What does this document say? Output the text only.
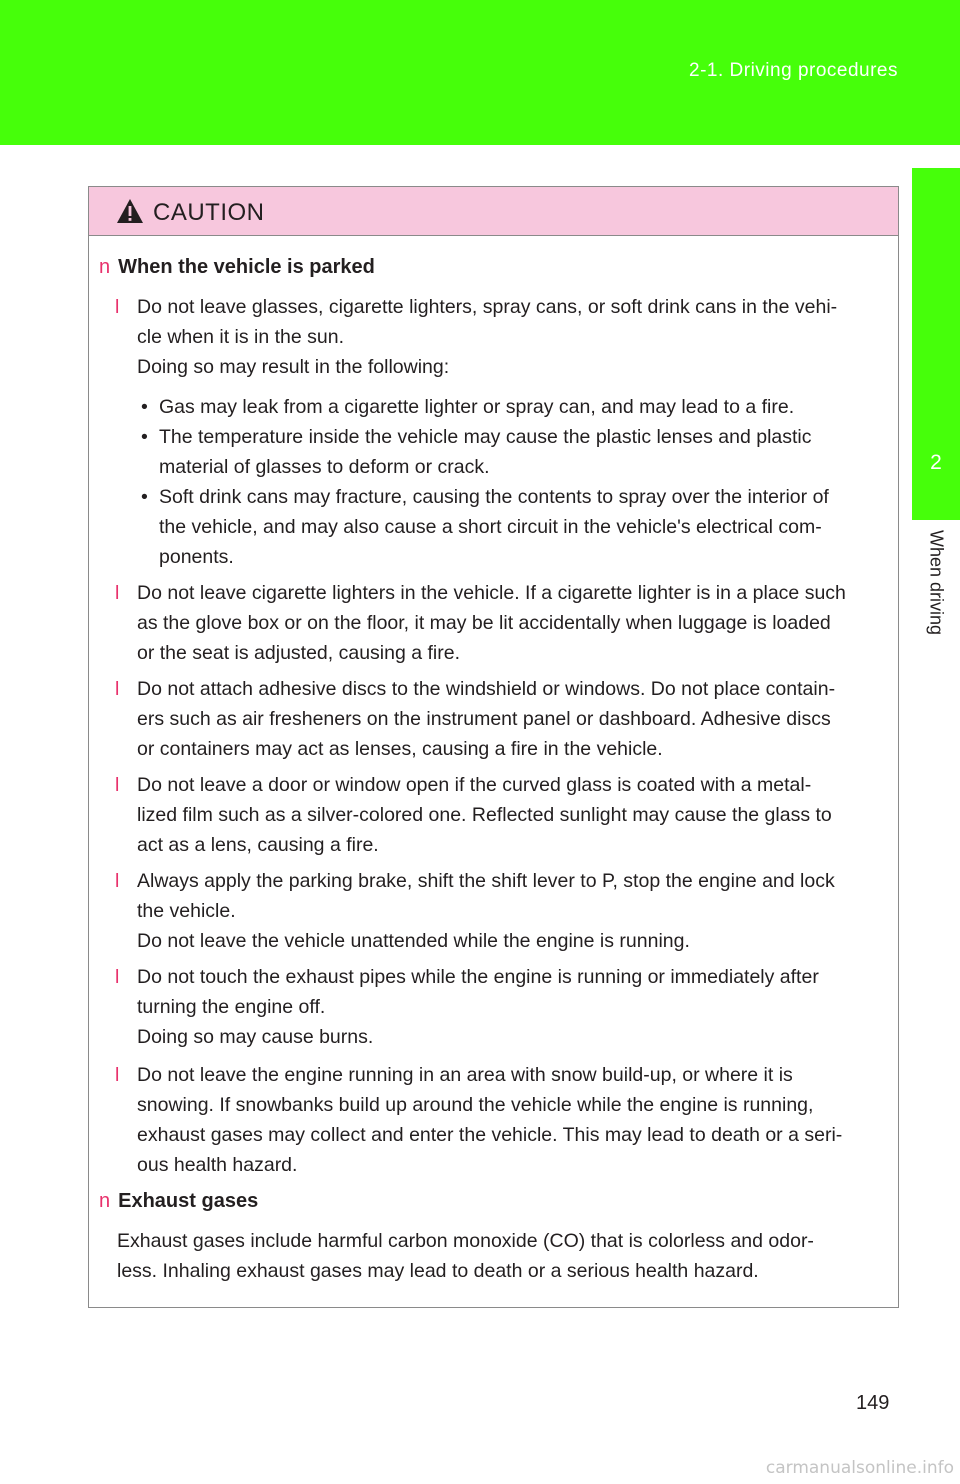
2-1. Driving procedures
2
When driving
CAUTION
n When the vehicle is parked
l Do not leave glasses, cigarette lighters, spray cans, or soft drink cans in the vehi-
cle when it is in the sun.
Doing so may result in the following:
• Gas may leak from a cigarette lighter or spray can, and may lead to a fire.
• The temperature inside the vehicle may cause the plastic lenses and plastic
material of glasses to deform or crack.
• Soft drink cans may fracture, causing the contents to spray over the interior of
the vehicle, and may also cause a short circuit in the vehicle's electrical com-
ponents.
l Do not leave cigarette lighters in the vehicle. If a cigarette lighter is in a place such
as the glove box or on the floor, it may be lit accidentally when luggage is loaded
or the seat is adjusted, causing a fire.
l Do not attach adhesive discs to the windshield or windows. Do not place contain-
ers such as air fresheners on the instrument panel or dashboard. Adhesive discs
or containers may act as lenses, causing a fire in the vehicle.
l Do not leave a door or window open if the curved glass is coated with a metal-
lized film such as a silver-colored one. Reflected sunlight may cause the glass to
act as a lens, causing a fire.
l Always apply the parking brake, shift the shift lever to P, stop the engine and lock
the vehicle.
Do not leave the vehicle unattended while the engine is running.
l Do not touch the exhaust pipes while the engine is running or immediately after
turning the engine off.
Doing so may cause burns.
l Do not leave the engine running in an area with snow build-up, or where it is
snowing. If snowbanks build up around the vehicle while the engine is running,
exhaust gases may collect and enter the vehicle. This may lead to death or a seri-
ous health hazard.
n Exhaust gases
Exhaust gases include harmful carbon monoxide (CO) that is colorless and odor-
less. Inhaling exhaust gases may lead to death or a serious health hazard.
149
carmanualsonline.info
